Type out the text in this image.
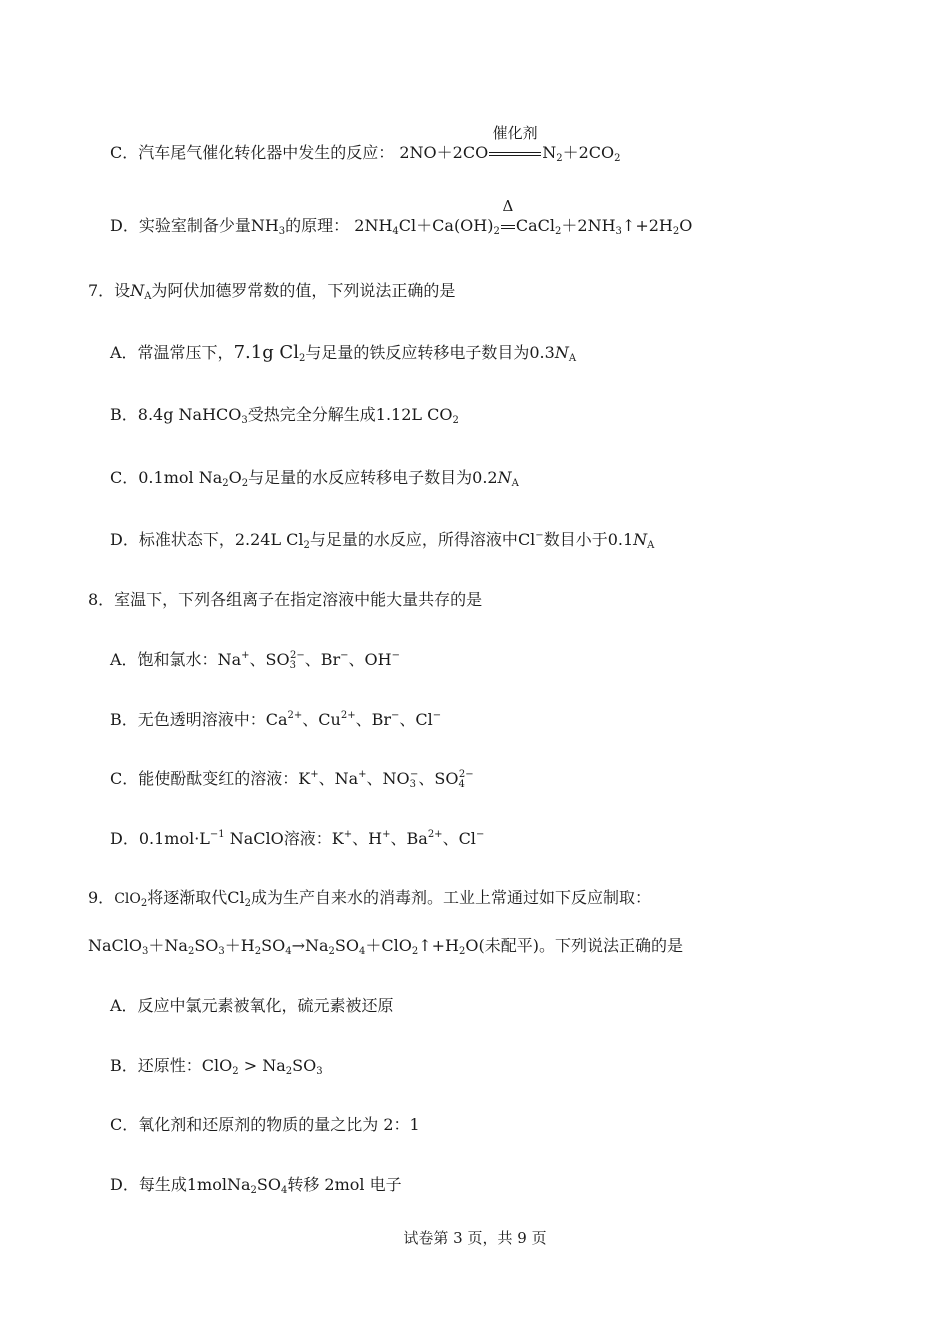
C．汽车尾气催化转化器中发生的反应： 2NO＋2CO
催化剂
$N_2+2CO_2$
D．实验室制备少量$NH_3$的原理： $2NH_4Cl+Ca(OH)_2$
Δ
$CaCl_2+2NH_3↑+2H_2O$
7．设$N_A$为阿伏加德罗常数的值，下列说法正确的是
A．常温常压下，7.1g $Cl_2$与足量的铁反应转移电子数目为$0.3N_A$
B．8.4g NaHCO$_3$受热完全分解生成1.12L $CO_2$
C．0.1mol $Na_2O_2$与足量的水反应转移电子数目为$0.2N_A$
D．标准状态下，2.24L $Cl_2$与足量的水反应，所得溶液中Cl−数目小于$0.1N_A$
8．室温下，下列各组离子在指定溶液中能大量共存的是
A．饱和氯水：Na+、$SO_3^{2-}$、Br−、OH−
B．无色透明溶液中：$Ca^{2+}$、$Cu^{2+}$、Br−、Cl−
C．能使酚酞变红的溶液：K+、Na+、$NO_3^-$、$SO_4^{2-}$
D．$0.1mol\cdot L^{-1}$ NaClO溶液：K+、H+、$Ba^{2+}$、Cl−
9．ClO$_2$将逐渐取代$Cl_2$成为生产自来水的消毒剂。工业上常通过如下反应制取：
$NaClO_3+Na_2SO_3+H_2SO_4\to Na_2SO_4+ClO_2↑+H_2O$(未配平)。下列说法正确的是
A．反应中氯元素被氧化，硫元素被还原
B．还原性：$ClO_2 > Na_2SO_3$
C．氧化剂和还原剂的物质的量之比为 2：1
D．每生成$1molNa_2SO_4$转移 2mol 电子
试卷第 3 页，共 9 页
